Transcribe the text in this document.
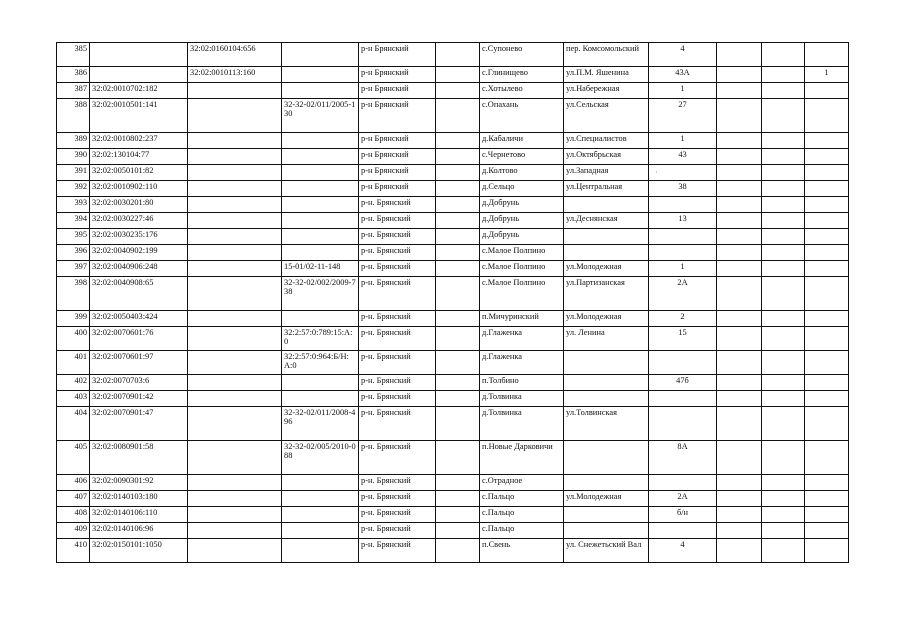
385		32:02:0160104:656		р-н Брянский		с.Супонево	пер. Комсомольский	4			
386		32:02:0010113:160		р-н Брянский		с.Глинищево	ул.П.М. Яшенина	43А			1
387	32:02:0010702:182			р-н Брянский		с.Хотылево	ул.Набережная	1			
388	32:02:0010501:141		32-32-02/011/2005-130	р-н Брянский		с.Опахань	ул.Сельская	27			
389	32:02:0010802:237			р-н Брянский		д.Кабаличи	ул.Специалистов	1			
390	32:02:130104:77			р-н Брянский		с.Чернетово	ул.Октябрьская	43			
391	32:02:0050101:82			р-н Брянский		д.Колтово	ул.Западная				
392	32:02:0010902:110			р-н Брянский		д.Сельцо	ул.Центральная	38			
393	32:02:0030201:80			р-н. Брянский		д.Добрунь					
394	32:02:0030227:46			р-н. Брянский		д.Добрунь	ул.Деснянская	13			
395	32:02:0030235:176			р-н. Брянский		д.Добрунь					
396	32:02:0040902:199			р-н. Брянский		с.Малое Полпино					
397	32:02:0040906:248		15-01/02-11-148	р-н. Брянский		с.Малое Полпино	ул.Молодежная	1			
398	32:02:0040908:65		32-32-02/002/2009-738	р-н. Брянский		с.Малое Полпино	ул.Партизанская	2А			
399	32:02:0050403:424			р-н. Брянский		п.Мичуринский	ул.Молодежная	2			
400	32:02:0070601:76		32:2:57:0:789:15:А:0	р-н. Брянский		д.Глаженка	ул. Ленина	15			
401	32:02:0070601:97		32:2:57:0:964:Б/Н:А:0	р-н. Брянский		д.Глаженка					
402	32:02:0070703:6			р-н. Брянский		п.Толбино		47б			
403	32:02:0070901:42			р-н. Брянский		д.Толвинка					
404	32:02:0070901:47		32-32-02/011/2008-496	р-н. Брянский		д.Толвинка	ул.Толвинская				
405	32:02:0080901:58		32-32-02/005/2010-088	р-н. Брянский		п.Новые Дарковичи		8А			
406	32:02:0090301:92			р-н. Брянский		с.Отрадное					
407	32:02:0140103:180			р-н. Брянский		с.Пальцо	ул.Молодежная	2А			
408	32:02:0140106:110			р-н. Брянский		с.Пальцо		б/н			
409	32:02:0140106:96			р-н. Брянский		с.Пальцо					
410	32:02:0150101:1050			р-н. Брянский		п.Свень	ул. Снежетьский Вал	4			
·
